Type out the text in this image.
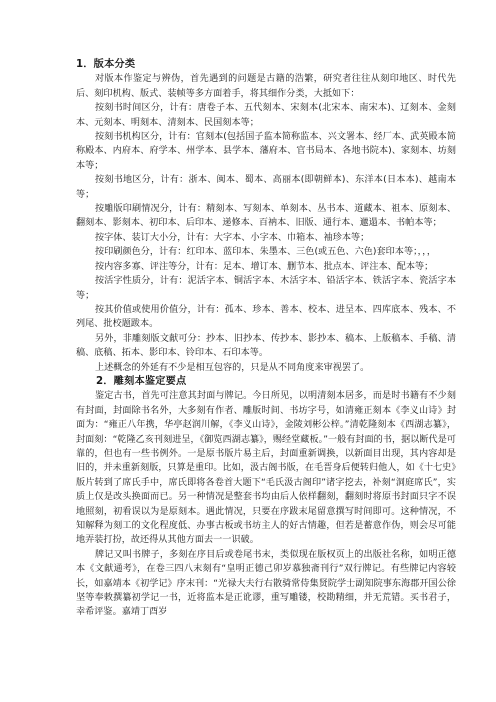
1．版本分类

对版本作鉴定与辨伪，首先遇到的问题是古籍的浩繁，研究者往往从刻印地区、时代先后、刻印机构、版式、装帧等多方面着手，将其细作分类，大抵如下：

按刻书时间区分，计有：唐卷子本、五代刻本、宋刻本(北宋本、南宋本)、辽刻本、金刻本、元刻本、明刻本、清刻本、民国刻本等；

按刻书机构区分，计有：官刻本(包括国子监本简称监本、兴文署本、经厂本、武英殿本简称殿本、内府本、府学本、州学本、县学本、藩府本、官书局本、各地书院本)、家刻本、坊刻本等；

按刻书地区分，计有：浙本、闽本、蜀本、高丽本(即朝鲜本)、东洋本(日本本)、越南本等；

按雕版印刷情况分，计有：精刻本、写刻本、单刻本、丛书本、道藏本、祖本、原刻本、翻刻本、影刻本、初印本、后印本、递修本、百衲本、旧版、通行本、邋遢本、书帕本等；

按字体、装订大小分，计有：大字本、小字本、巾箱本、袖珍本等；

按印刷颜色分，计有：红印本、蓝印本、朱墨本、三色(或五色、六色)套印本等；，，，

按内容多寡、评注等分，计有：足本、增订本、删节本、批点本、评注本、配本等；

按活字性质分，计有：泥活字本、铜活字本、木活字本、铅活字本、铁活字本、瓷活字本等；

按其价值或使用价值分，计有：孤本、珍本、善本、校本、进呈本、四库底本、残本、不列尾、批校题跋本。

另外，非雕刻版文献可分：抄本、旧抄本、传抄本、影抄本、稿本、上版稿本、手稿、清稿、底稿、拓本、影印本、铃印本、石印本等。

上述概念的外延有不少是相互包容的，只是从不同角度来审视罢了。

2．雕刻本鉴定要点

鉴定古书，首先可注意其封面与牌记。今日所见，以明清刻本居多，而是时书籍有不少刻有封面，封面除书名外，大多刻有作者、雕版时间、书坊字号，如清雍正刻本《李义山诗》封面为：“雍正八年携，华亭赵润川解，《李义山诗》，金陵刘彬公梓。”清乾隆刻本《西湖志纂》，封面刻：“乾隆乙亥刊刻进呈，《御览西湖志纂》，赐经堂藏板。”一般有封面的书，据以断代是可靠的，但也有一些书例外。一是原书版片易主后，封面重新调换，以新面目出现，其内容却是旧的，并未重新刻版，只算是重印。比如，汲古阁书版，在毛晋身后便转归他人，如《十七史》版片转到了席氏手中，席氏即将各卷首大题下“毛氏汲古阁印”诸字挖去，补刻“洞庭席氏”，实质上仅是改头换面而已。另一种情况是整套书均由后人依样翻刻，翻刻时将原书封面只字不误地照刻，初看误以为是原刻本。遇此情况，只要在序跋末尾留意撰写时间即可。这种情况，不知解释为刻工的文化程度低、办事古板或书坊主人的好古情趣，但若是蓄意作伪，则会尽可能地弄装打扮，故还得从其他方面去一一识破。

牌记又叫书牌子，多刻在序目后或卷尾书末，类似现在版权页上的出版社名称，如明正德本《文献通考》，在卷三四八末刻有“皇明正德己卯岁慕独斋刊行”双行牌记。有些牌记内容较长，如嘉靖本《初学记》序末刊：“光禄大夫行右散骑常侍集贤院学士副知院事东海郡开国公徐坚等奉敕撰纂初学记一书，近将监本是正讹谬，重写雕镂，校勘精细，并无荒错。买书君子，幸希评鉴。嘉靖丁酉岁
